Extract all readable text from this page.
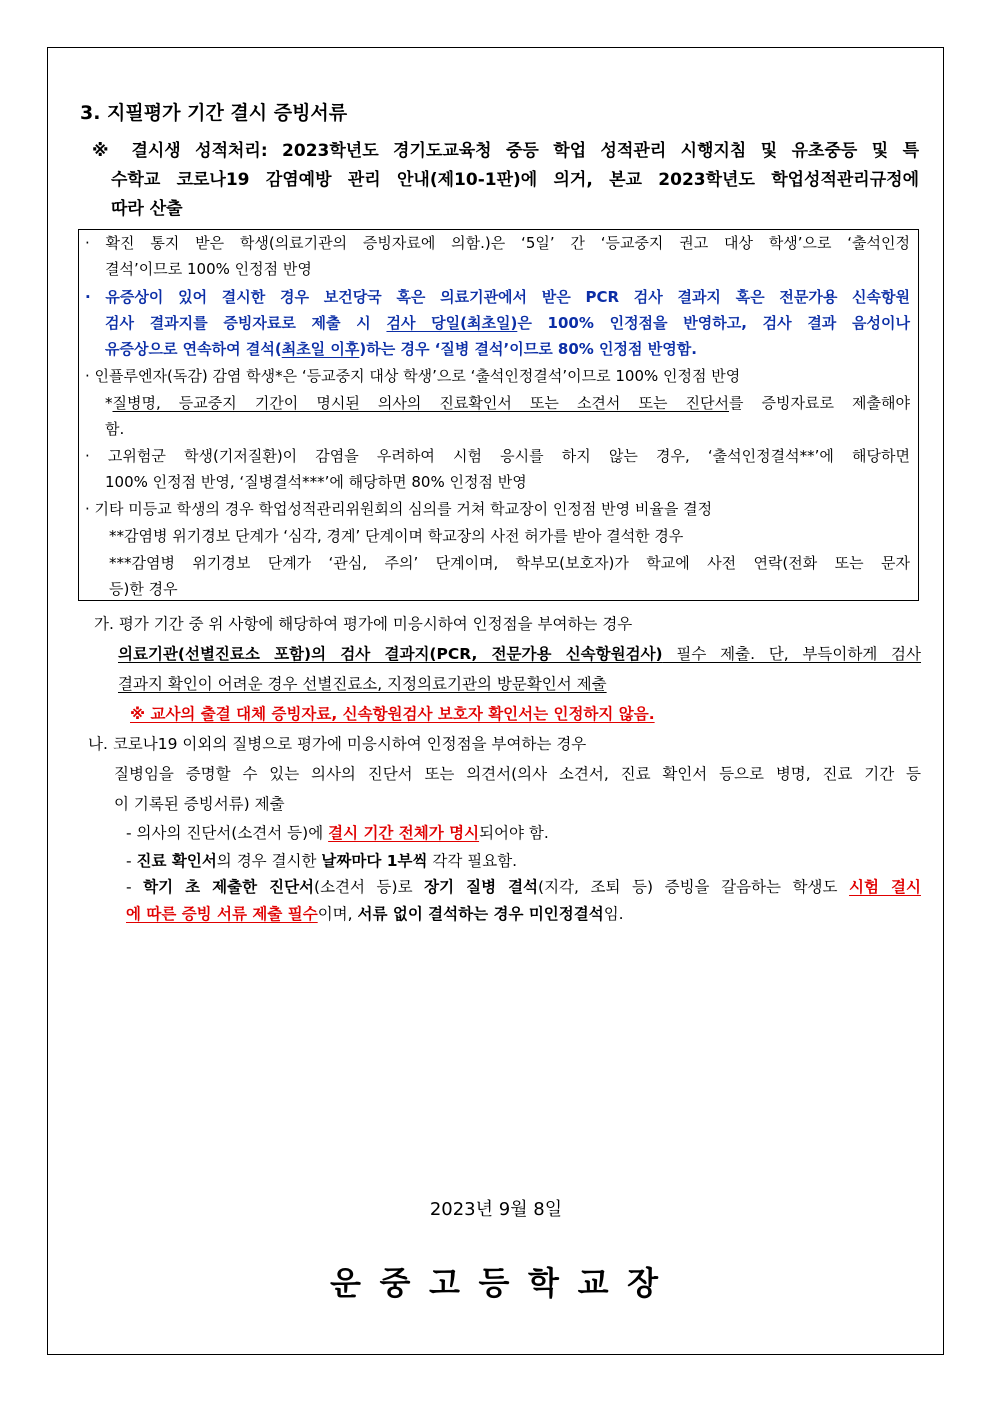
3. 지필평가 기간 결시 증빙서류
※ 결시생 성적처리: 2023학년도 경기도교육청 중등 학업 성적관리 시행지침 및 유초중등 및 특
수학교 코로나19 감염예방 관리 안내(제10-1판)에 의거, 본교 2023학년도 학업성적관리규정에
따라 산출
· 확진 통지 받은 학생(의료기관의 증빙자료에 의함.)은 ‘5일’ 간 ‘등교중지 권고 대상 학생’으로 ‘출석인정
결석’이므로 100% 인정점 반영
· 유증상이 있어 결시한 경우 보건당국 혹은 의료기관에서 받은 PCR 검사 결과지 혹은 전문가용 신속항원
검사 결과지를 증빙자료로 제출 시 검사 당일(최초일)은 100% 인정점을 반영하고, 검사 결과 음성이나
유증상으로 연속하여 결석(최초일 이후)하는 경우 ‘질병 결석’이므로 80% 인정점 반영함.
· 인플루엔자(독감) 감염 학생*은 ‘등교중지 대상 학생’으로 ‘출석인정결석’이므로 100% 인정점 반영
*질병명, 등교중지 기간이 명시된 의사의 진료확인서 또는 소견서 또는 진단서를 증빙자료로 제출해야
함.
· 고위험군 학생(기저질환)이 감염을 우려하여 시험 응시를 하지 않는 경우, ‘출석인정결석**’에 해당하면
100% 인정점 반영, ‘질병결석***’에 해당하면 80% 인정점 반영
· 기타 미등교 학생의 경우 학업성적관리위원회의 심의를 거쳐 학교장이 인정점 반영 비율을 결정
**감염병 위기경보 단계가 ‘심각, 경계’ 단계이며 학교장의 사전 허가를 받아 결석한 경우
***감염병 위기경보 단계가 ‘관심, 주의’ 단계이며, 학부모(보호자)가 학교에 사전 연락(전화 또는 문자
등)한 경우
가. 평가 기간 중 위 사항에 해당하여 평가에 미응시하여 인정점을 부여하는 경우
의료기관(선별진료소 포함)의 검사 결과지(PCR, 전문가용 신속항원검사) 필수 제출. 단, 부득이하게 검사
결과지 확인이 어려운 경우 선별진료소, 지정의료기관의 방문확인서 제출
※ 교사의 출결 대체 증빙자료, 신속항원검사 보호자 확인서는 인정하지 않음.
나. 코로나19 이외의 질병으로 평가에 미응시하여 인정점을 부여하는 경우
질병임을 증명할 수 있는 의사의 진단서 또는 의견서(의사 소견서, 진료 확인서 등으로 병명, 진료 기간 등
이 기록된 증빙서류) 제출
- 의사의 진단서(소견서 등)에 결시 기간 전체가 명시되어야 함.
- 진료 확인서의 경우 결시한 날짜마다 1부씩 각각 필요함.
- 학기 초 제출한 진단서(소견서 등)로 장기 질병 결석(지각, 조퇴 등) 증빙을 갈음하는 학생도 시험 결시
에 따른 증빙 서류 제출 필수이며, 서류 없이 결석하는 경우 미인정결석임.
2023년 9월 8일
운 중 고 등 학 교 장
